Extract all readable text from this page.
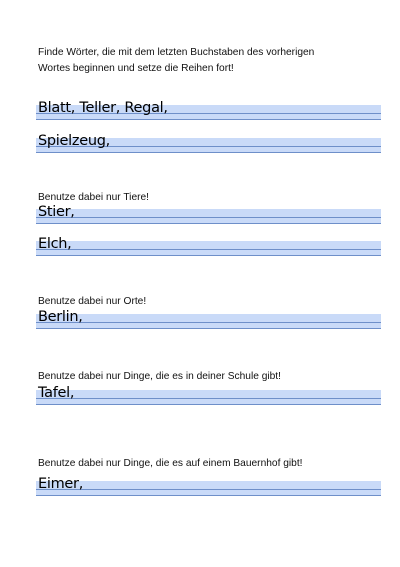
Finde Wörter, die mit dem letzten Buchstaben des vorherigen
Wortes beginnen und setze die Reihen fort!
Blatt, Teller, Regal,
Spielzeug,
Benutze dabei nur Tiere!
Stier,
Elch,
Benutze dabei nur Orte!
Berlin,
Benutze dabei nur Dinge, die es in deiner Schule gibt!
Tafel,
Benutze dabei nur Dinge, die es auf einem Bauernhof gibt!
Eimer,
